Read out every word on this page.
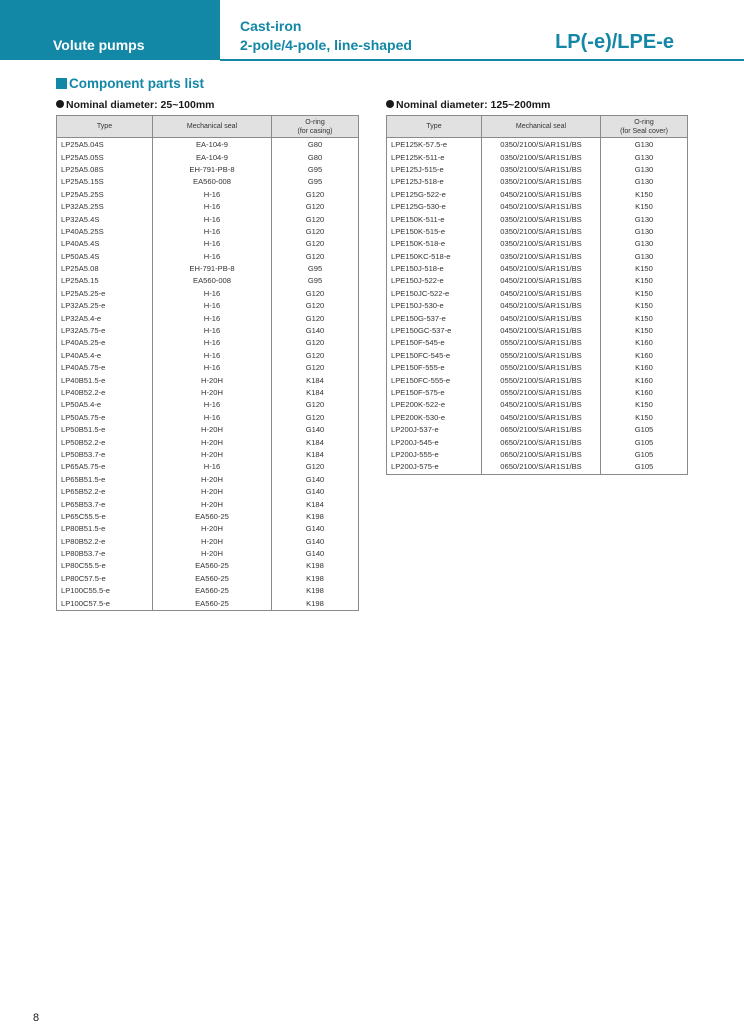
Volute pumps
Cast-iron
2-pole/4-pole, line-shaped	LP(-e)/LPE-e
Component parts list
Nominal diameter: 25~100mm	Nominal diameter: 125~200mm
Type	Mechanical seal	O-ring
(for casing)
LP25A5.04S	EA-104-9	G80
LP25A5.05S	EA-104-9	G80
LP25A5.08S	EH-791-PB-8	G95
LP25A5.15S	EA560-008	G95
LP25A5.25S	H-16	G120
LP32A5.25S	H-16	G120
LP32A5.4S	H-16	G120
LP40A5.25S	H-16	G120
LP40A5.4S	H-16	G120
LP50A5.4S	H-16	G120
LP25A5.08	EH-791-PB-8	G95
LP25A5.15	EA560-008	G95
LP25A5.25-e	H-16	G120
LP32A5.25-e	H-16	G120
LP32A5.4-e	H-16	G120
LP32A5.75-e	H-16	G140
LP40A5.25-e	H-16	G120
LP40A5.4-e	H-16	G120
LP40A5.75-e	H-16	G120
LP40B51.5-e	H-20H	K184
LP40B52.2-e	H-20H	K184
LP50A5.4-e	H-16	G120
LP50A5.75-e	H-16	G120
LP50B51.5-e	H-20H	G140
LP50B52.2-e	H-20H	K184
LP50B53.7-e	H-20H	K184
LP65A5.75-e	H-16	G120
LP65B51.5-e	H-20H	G140
LP65B52.2-e	H-20H	G140
LP65B53.7-e	H-20H	K184
LP65C55.5-e	EA560-25	K198
LP80B51.5-e	H-20H	G140
LP80B52.2-e	H-20H	G140
LP80B53.7-e	H-20H	G140
LP80C55.5-e	EA560-25	K198
LP80C57.5-e	EA560-25	K198
LP100C55.5-e	EA560-25	K198
LP100C57.5-e	EA560-25	K198
Type	Mechanical seal	O-ring
(for Seal cover)
LPE125K-57.5-e	0350/2100/S/AR1S1/BS	G130
LPE125K-511-e	0350/2100/S/AR1S1/BS	G130
LPE125J-515-e	0350/2100/S/AR1S1/BS	G130
LPE125J-518-e	0350/2100/S/AR1S1/BS	G130
LPE125G-522-e	0450/2100/S/AR1S1/BS	K150
LPE125G-530-e	0450/2100/S/AR1S1/BS	K150
LPE150K-511-e	0350/2100/S/AR1S1/BS	G130
LPE150K-515-e	0350/2100/S/AR1S1/BS	G130
LPE150K-518-e	0350/2100/S/AR1S1/BS	G130
LPE150KC-518-e	0350/2100/S/AR1S1/BS	G130
LPE150J-518-e	0450/2100/S/AR1S1/BS	K150
LPE150J-522-e	0450/2100/S/AR1S1/BS	K150
LPE150JC-522-e	0450/2100/S/AR1S1/BS	K150
LPE150J-530-e	0450/2100/S/AR1S1/BS	K150
LPE150G-537-e	0450/2100/S/AR1S1/BS	K150
LPE150GC-537-e	0450/2100/S/AR1S1/BS	K150
LPE150F-545-e	0550/2100/S/AR1S1/BS	K160
LPE150FC-545-e	0550/2100/S/AR1S1/BS	K160
LPE150F-555-e	0550/2100/S/AR1S1/BS	K160
LPE150FC-555-e	0550/2100/S/AR1S1/BS	K160
LPE150F-575-e	0550/2100/S/AR1S1/BS	K160
LPE200K-522-e	0450/2100/S/AR1S1/BS	K150
LPE200K-530-e	0450/2100/S/AR1S1/BS	K150
LP200J-537-e	0650/2100/S/AR1S1/BS	G105
LP200J-545-e	0650/2100/S/AR1S1/BS	G105
LP200J-555-e	0650/2100/S/AR1S1/BS	G105
LP200J-575-e	0650/2100/S/AR1S1/BS	G105
8
